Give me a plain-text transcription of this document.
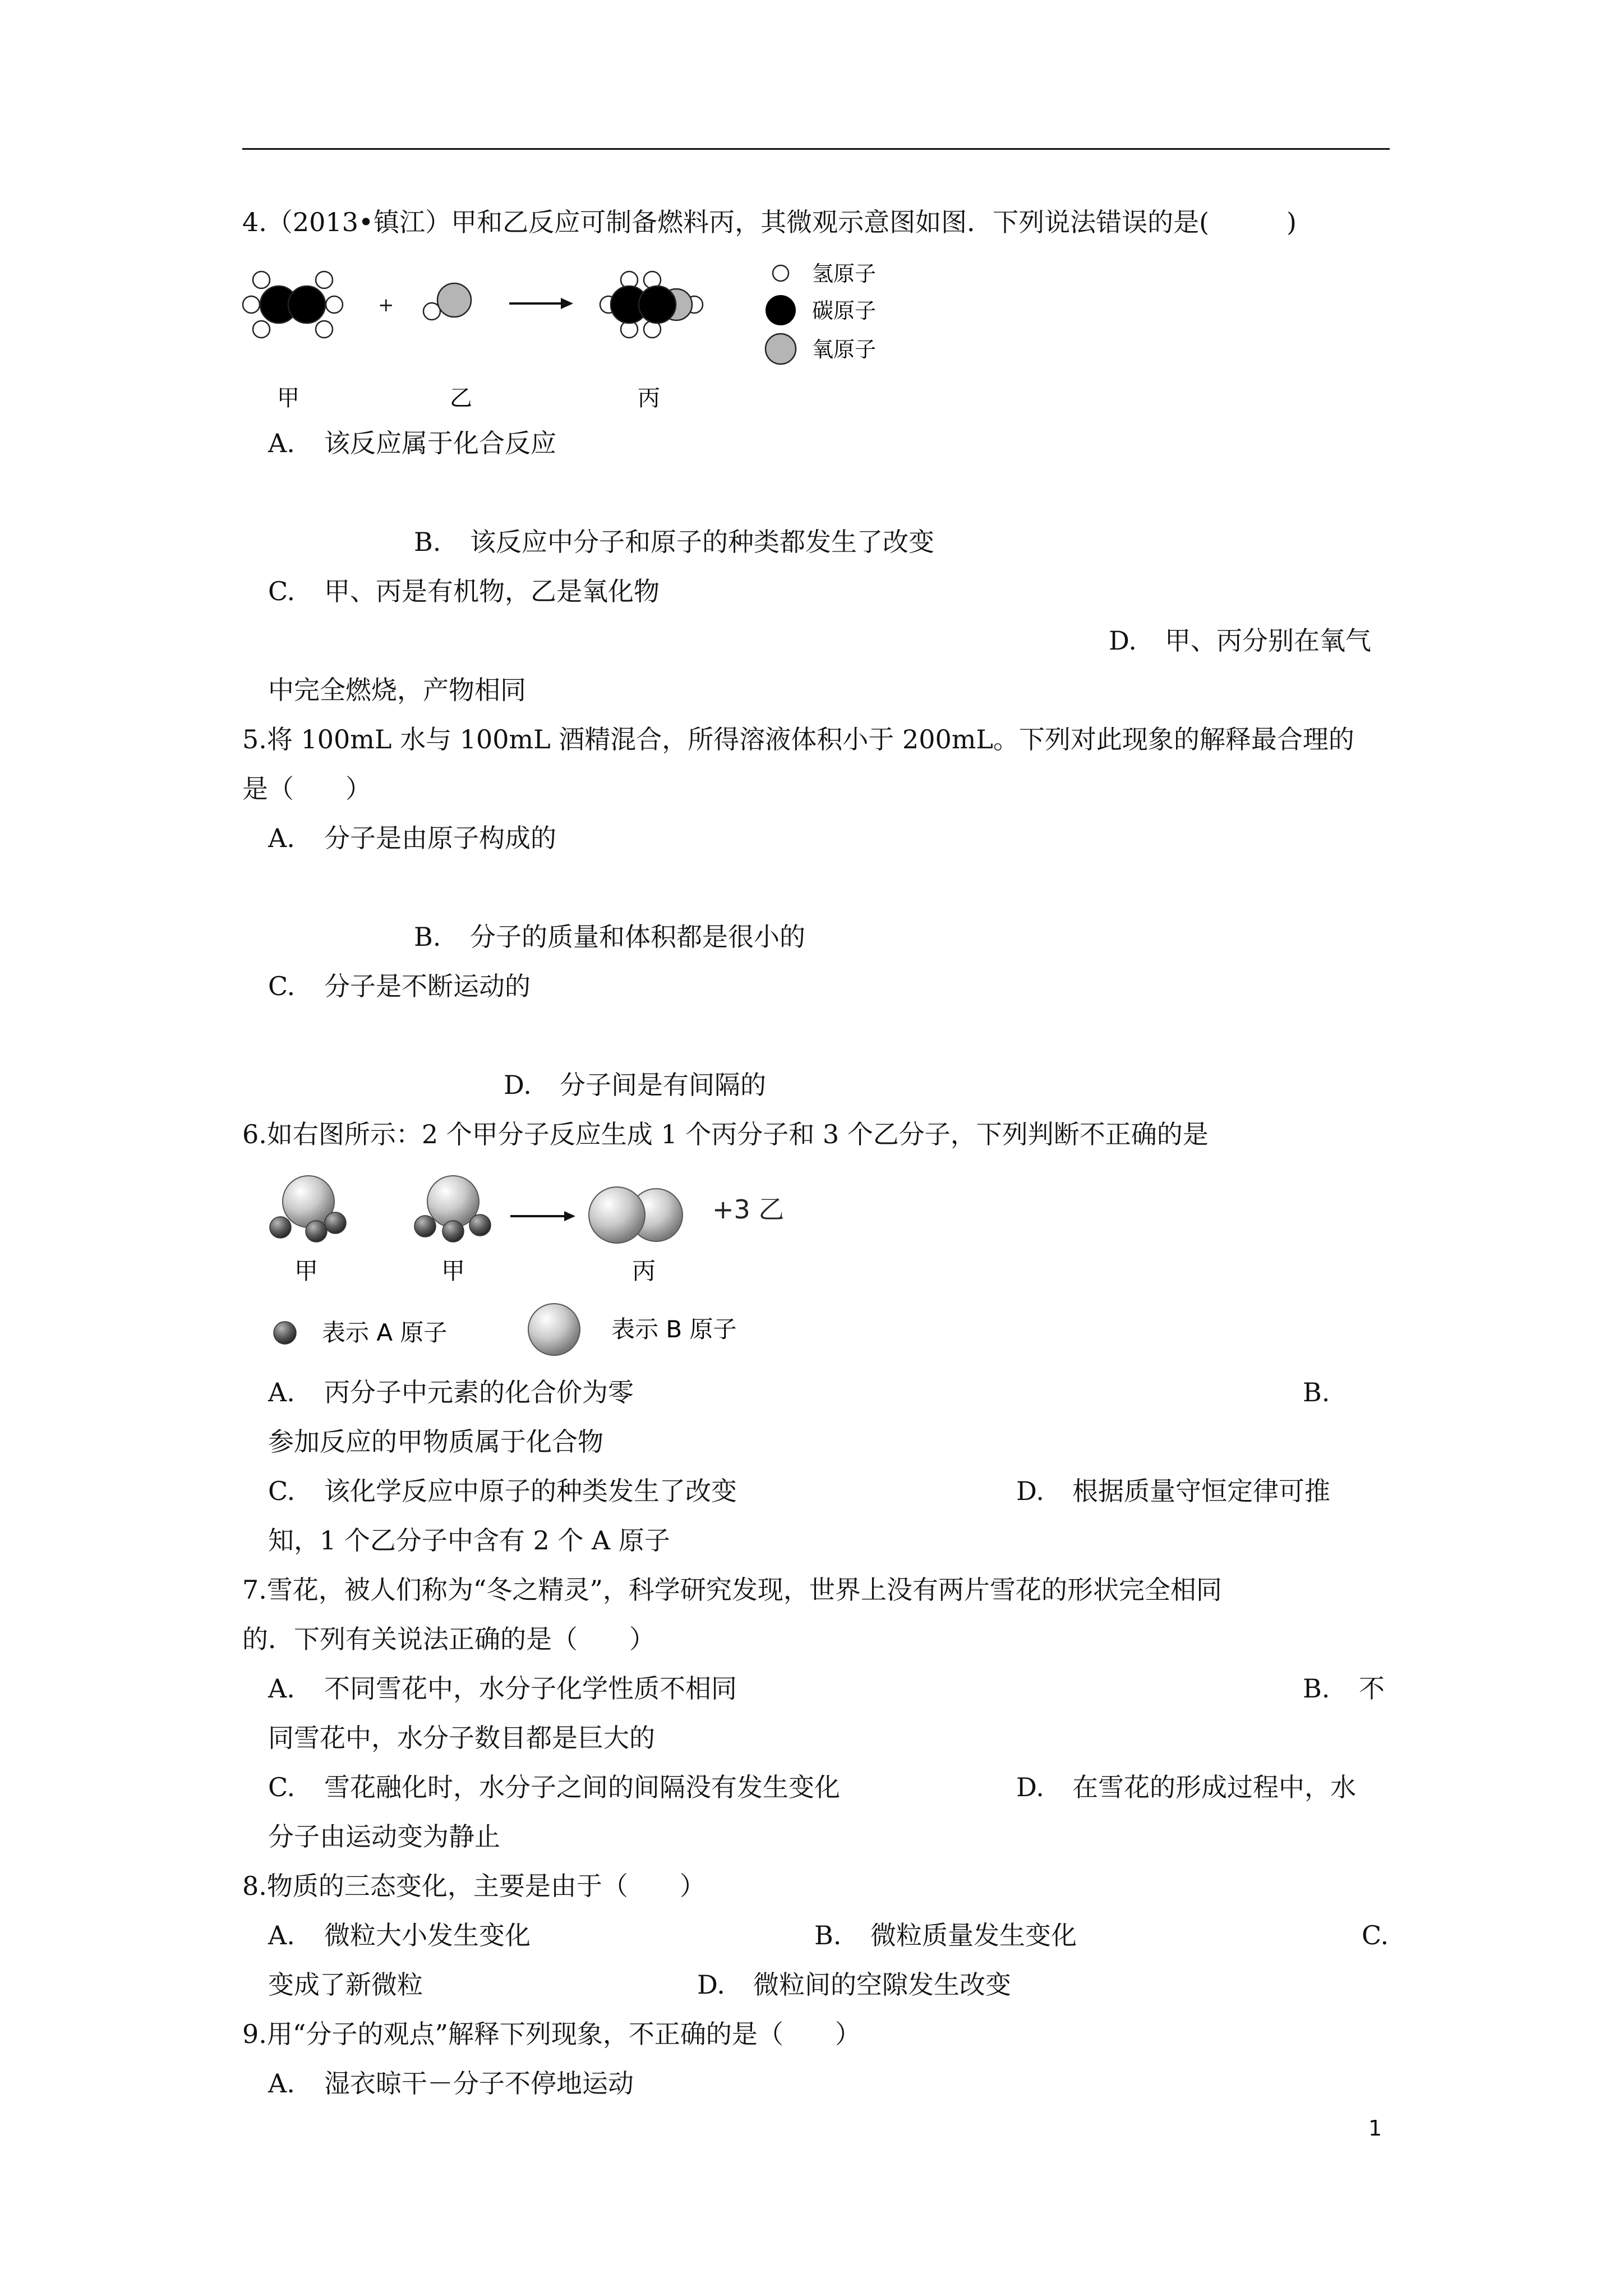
4.（2013•镇江）甲和乙反应可制备燃料丙，其微观示意图如图．下列说法错误的是(　　　)
+
甲	乙	丙
氢原子
碳原子
氧原子
A. 该反应属于化合反应
B. 该反应中分子和原子的种类都发生了改变
C. 甲、丙是有机物，乙是氧化物
D. 甲、丙分别在氧气
中完全燃烧，产物相同
5.将 100mL 水与 100mL 酒精混合，所得溶液体积小于 200mL。下列对此现象的解释最合理的
是（　　）
A. 分子是由原子构成的
B. 分子的质量和体积都是很小的
C. 分子是不断运动的
D. 分子间是有间隔的
6.如右图所示：2 个甲分子反应生成 1 个丙分子和 3 个乙分子，下列判断不正确的是
+3 乙
甲	甲	丙
表示 A 原子	表示 B 原子
A. 丙分子中元素的化合价为零	B.
参加反应的甲物质属于化合物
C. 该化学反应中原子的种类发生了改变	D. 根据质量守恒定律可推
知，1 个乙分子中含有 2 个 A 原子
7.雪花，被人们称为“冬之精灵”，科学研究发现，世界上没有两片雪花的形状完全相同
的．下列有关说法正确的是（　　）
A. 不同雪花中，水分子化学性质不相同	B. 不
同雪花中，水分子数目都是巨大的
C. 雪花融化时，水分子之间的间隔没有发生变化	D. 在雪花的形成过程中，水
分子由运动变为静止
8.物质的三态变化，主要是由于（　　）
A. 微粒大小发生变化	B. 微粒质量发生变化	C.
变成了新微粒	D. 微粒间的空隙发生改变
9.用“分子的观点”解释下列现象，不正确的是（　　）
A. 湿衣晾干－分子不停地运动
1
